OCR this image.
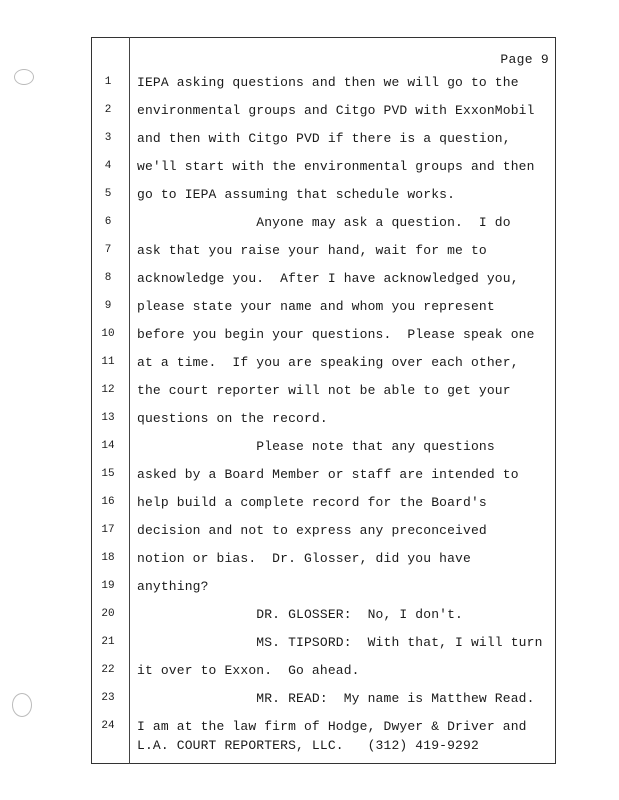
Page 9
1	IEPA asking questions and then we will go to the
2	environmental groups and Citgo PVD with ExxonMobil
3	and then with Citgo PVD if there is a question,
4	we'll start with the environmental groups and then
5	go to IEPA assuming that schedule works.
6	Anyone may ask a question.  I do
7	ask that you raise your hand, wait for me to
8	acknowledge you.  After I have acknowledged you,
9	please state your name and whom you represent
10	before you begin your questions.  Please speak one
11	at a time.  If you are speaking over each other,
12	the court reporter will not be able to get your
13	questions on the record.
14	Please note that any questions
15	asked by a Board Member or staff are intended to
16	help build a complete record for the Board's
17	decision and not to express any preconceived
18	notion or bias.  Dr. Glosser, did you have
19	anything?
20	DR. GLOSSER:  No, I don't.
21	MS. TIPSORD:  With that, I will turn
22	it over to Exxon.  Go ahead.
23	MR. READ:  My name is Matthew Read.
24	I am at the law firm of Hodge, Dwyer & Driver and
L.A. COURT REPORTERS, LLC.   (312) 419-9292
